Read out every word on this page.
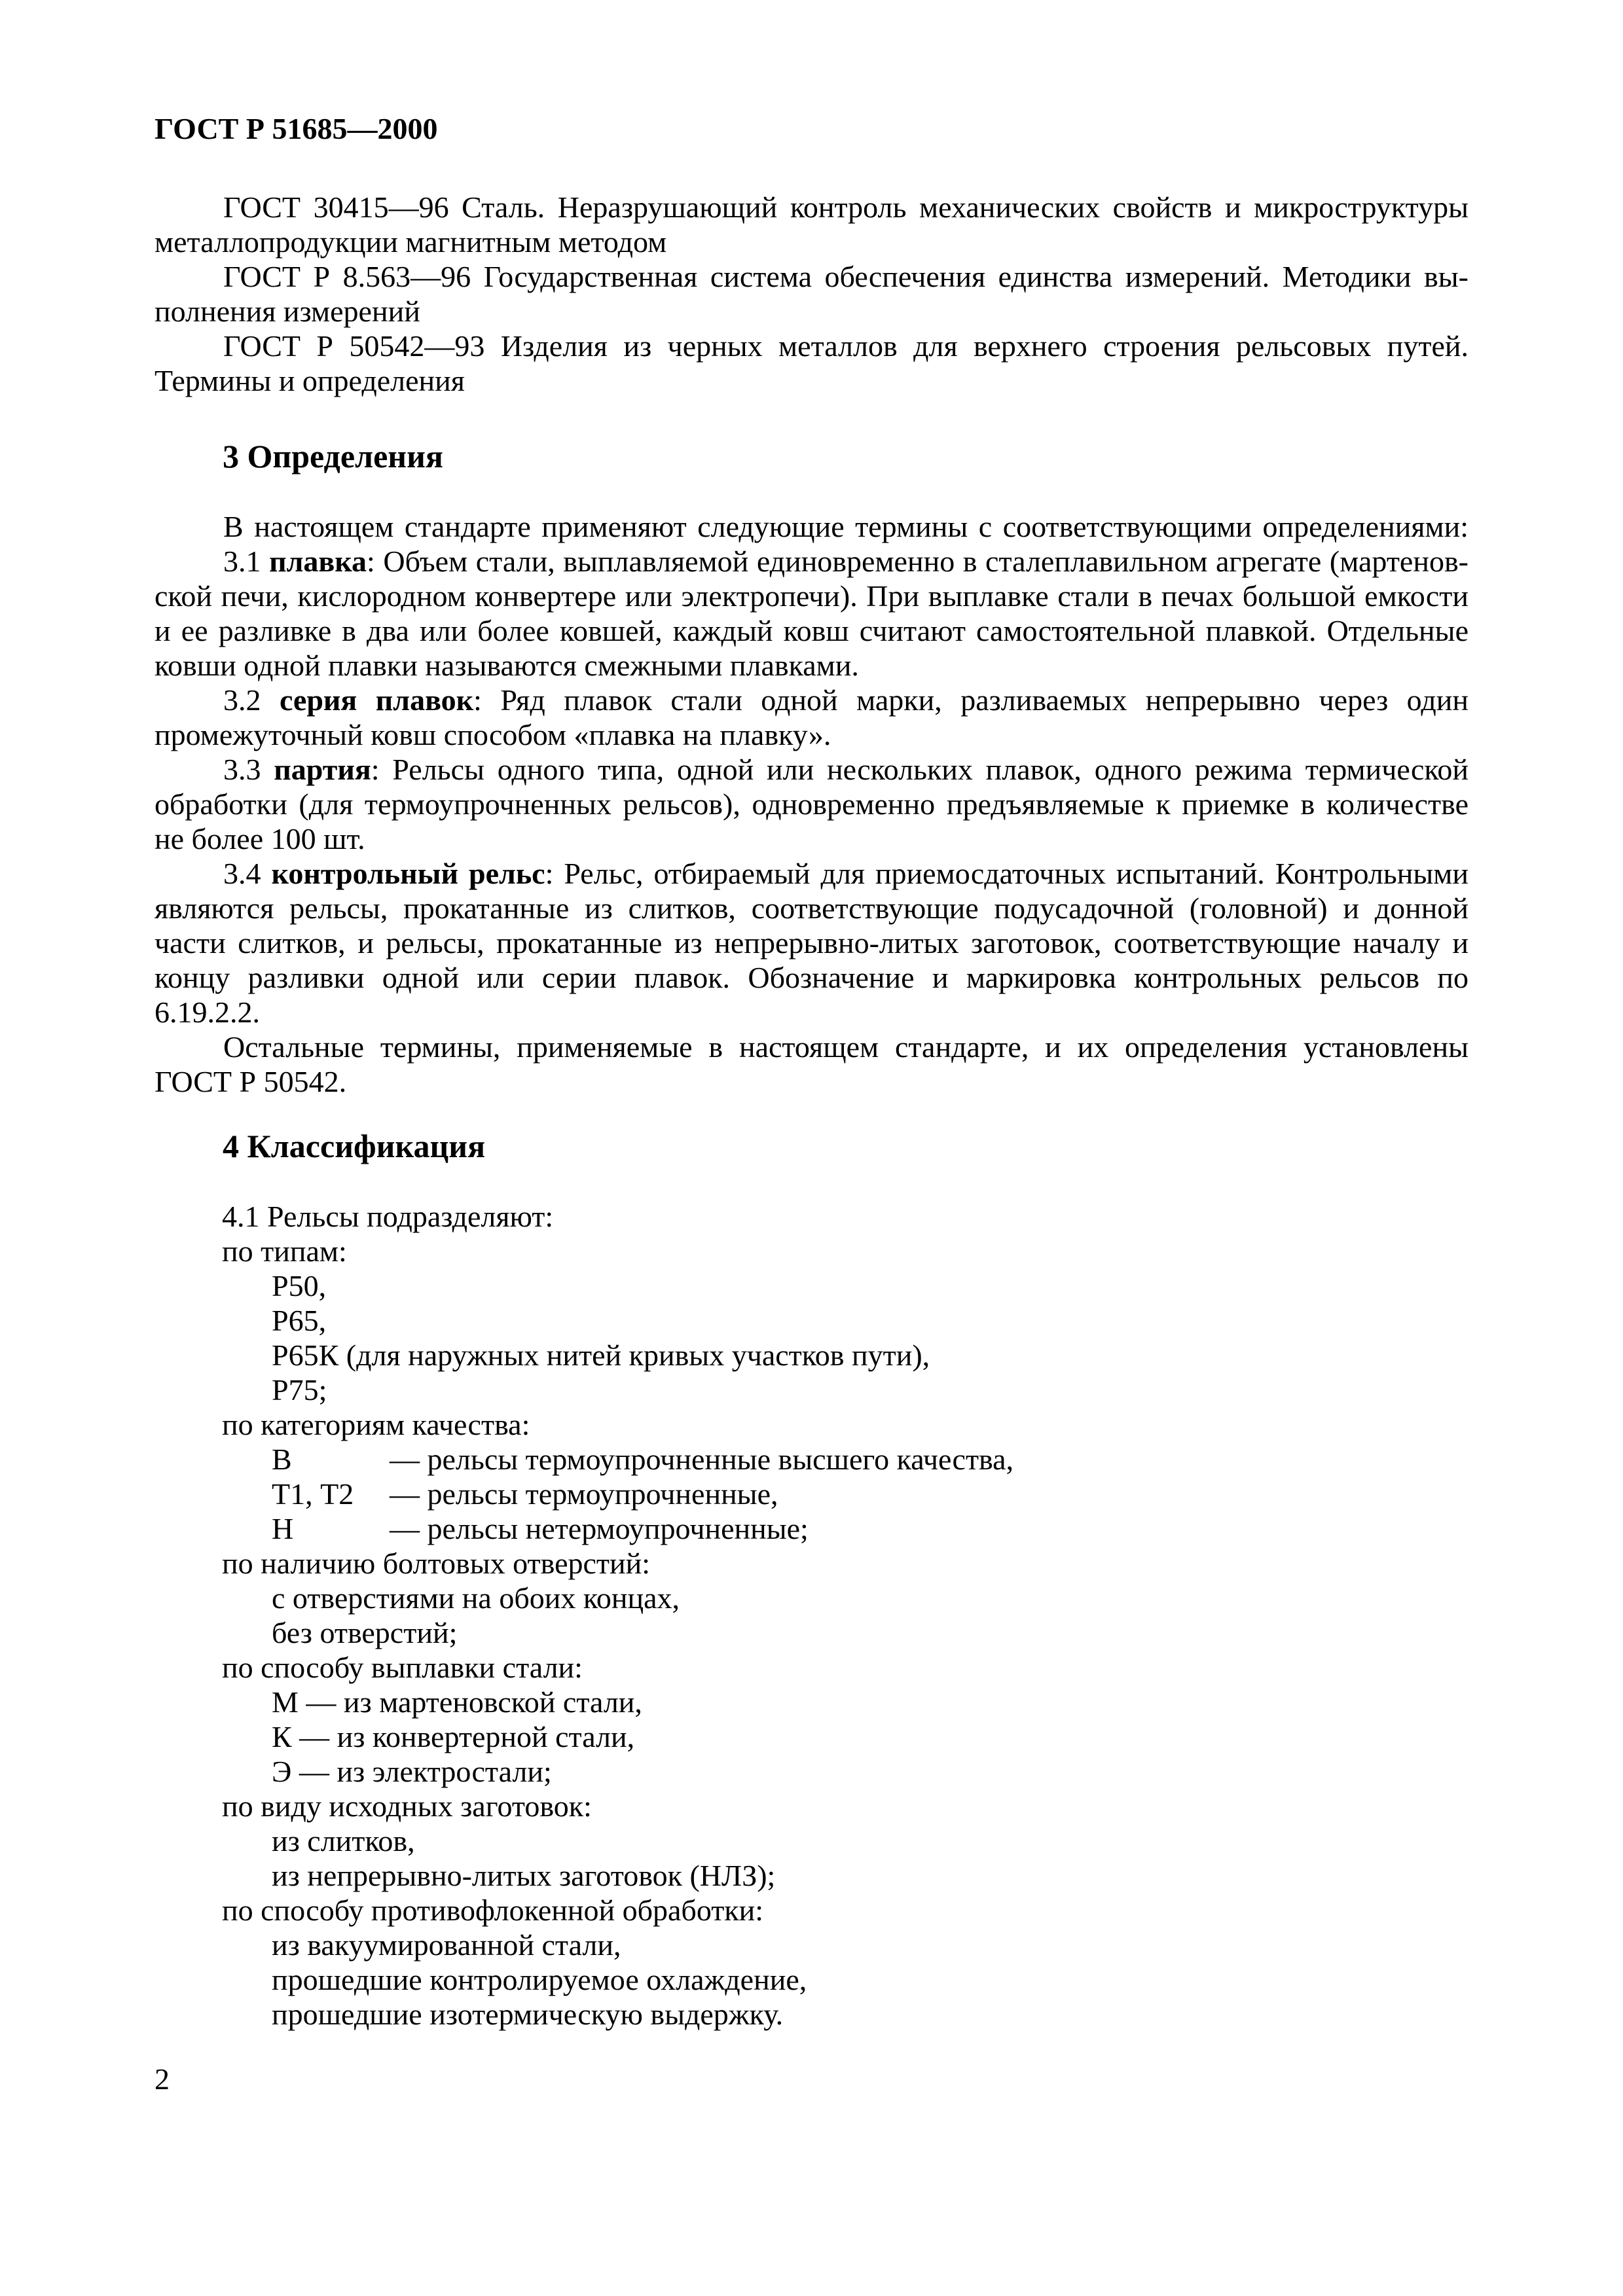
ГОСТ Р 51685—2000

ГОСТ 30415—96 Сталь. Неразрушающий контроль механических свойств и микроструктуры

металлопродукции магнитным методом

ГОСТ Р 8.563—96 Государственная система обеспечения единства измерений. Методики вы-

полнения измерений

ГОСТ Р 50542—93 Изделия из черных металлов для верхнего строения рельсовых путей.

Термины и определения

3 Определения

В настоящем стандарте применяют следующие термины с соответствующими определениями:

3.1 плавка: Объем стали, выплавляемой единовременно в сталеплавильном агрегате (мартенов-

ской печи, кислородном конвертере или электропечи). При выплавке стали в печах большой емкости

и ее разливке в два или более ковшей, каждый ковш считают самостоятельной плавкой. Отдельные

ковши одной плавки называются смежными плавками.

3.2 серия плавок: Ряд плавок стали одной марки, разливаемых непрерывно через один

промежуточный ковш способом «плавка на плавку».

3.3 партия: Рельсы одного типа, одной или нескольких плавок, одного режима термической

обработки (для термоупрочненных рельсов), одновременно предъявляемые к приемке в количестве

не более 100 шт.

3.4 контрольный рельс: Рельс, отбираемый для приемосдаточных испытаний. Контрольными

являются рельсы, прокатанные из слитков, соответствующие подусадочной (головной) и донной

части слитков, и рельсы, прокатанные из непрерывно-литых заготовок, соответствующие началу и

концу разливки одной или серии плавок. Обозначение и маркировка контрольных рельсов по

6.19.2.2.

Остальные термины, применяемые в настоящем стандарте, и их определения установлены

ГОСТ Р 50542.

4 Классификация

4.1 Рельсы подразделяют:

по типам:

Р50,

Р65,

Р65К (для наружных нитей кривых участков пути),

Р75;

по категориям качества:

В	— рельсы термоупрочненные высшего качества,

Т1, Т2 — рельсы термоупрочненные,

Н	— рельсы нетермоупрочненные;

по наличию болтовых отверстий:

с отверстиями на обоих концах,

без отверстий;

по способу выплавки стали:

М — из мартеновской стали,

К — из конвертерной стали,

Э — из электростали;

по виду исходных заготовок:

из слитков,

из непрерывно-литых заготовок (НЛЗ);

по способу противофлокенной обработки:

из вакуумированной стали,

прошедшие контролируемое охлаждение,

прошедшие изотермическую выдержку.

2
